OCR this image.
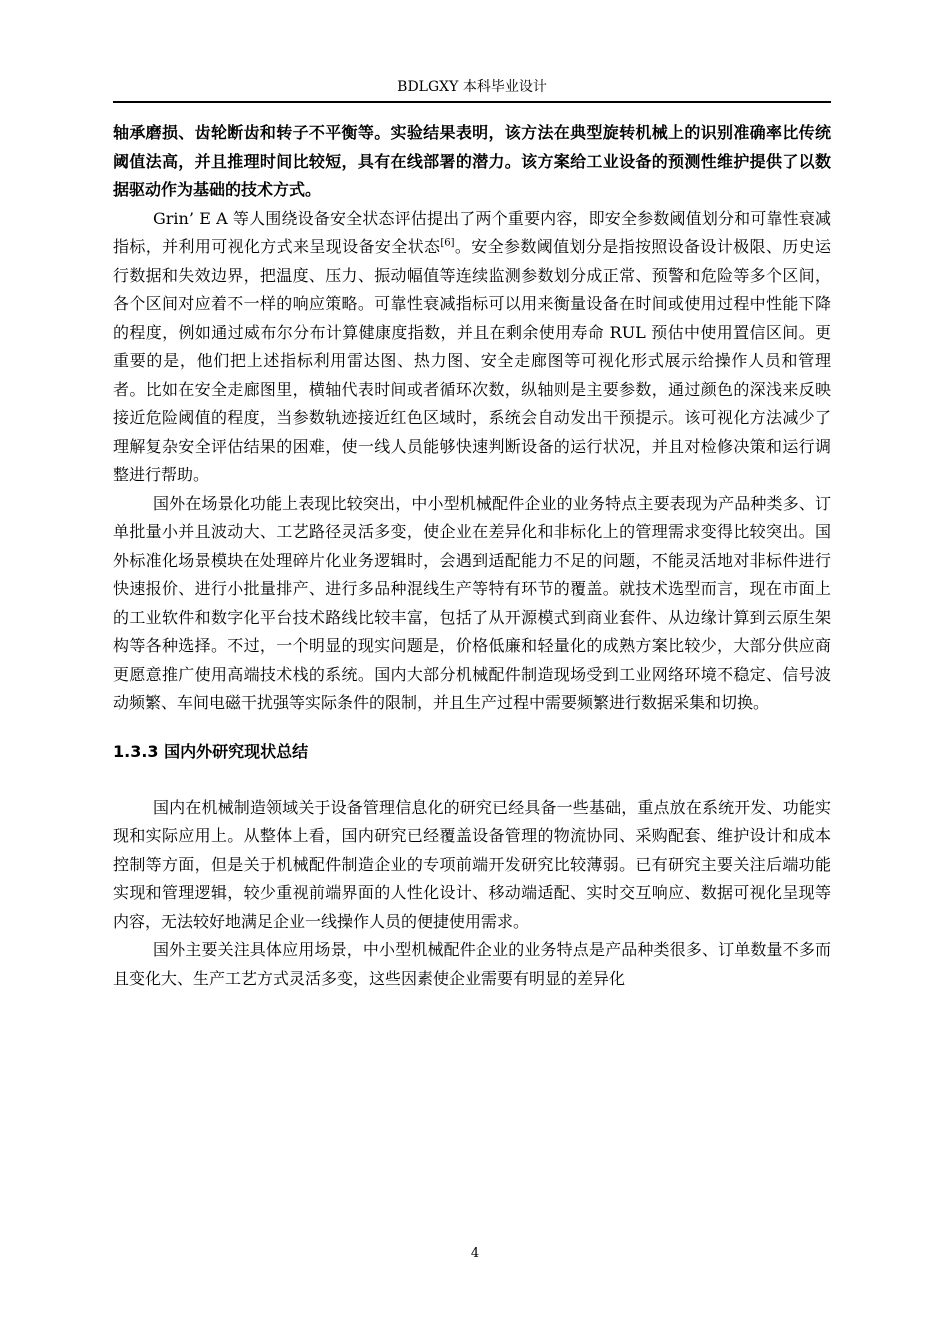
BDLGXY 本科毕业设计

轴承磨损、齿轮断齿和转子不平衡等。实验结果表明，该方法在典型旋转机械上的识别准确率比传统阈值法高，并且推理时间比较短，具有在线部署的潜力。该方案给工业设备的预测性维护提供了以数据驱动作为基础的技术方式。

Grin’ E A 等人围绕设备安全状态评估提出了两个重要内容，即安全参数阈值划分和可靠性衰减指标，并利用可视化方式来呈现设备安全状态[6]。安全参数阈值划分是指按照设备设计极限、历史运行数据和失效边界，把温度、压力、振动幅值等连续监测参数划分成正常、预警和危险等多个区间，各个区间对应着不一样的响应策略。可靠性衰减指标可以用来衡量设备在时间或使用过程中性能下降的程度，例如通过威布尔分布计算健康度指数，并且在剩余使用寿命 RUL 预估中使用置信区间。更重要的是，他们把上述指标利用雷达图、热力图、安全走廊图等可视化形式展示给操作人员和管理者。比如在安全走廊图里，横轴代表时间或者循环次数，纵轴则是主要参数，通过颜色的深浅来反映接近危险阈值的程度，当参数轨迹接近红色区域时，系统会自动发出干预提示。该可视化方法减少了理解复杂安全评估结果的困难，使一线人员能够快速判断设备的运行状况，并且对检修决策和运行调整进行帮助。

国外在场景化功能上表现比较突出，中小型机械配件企业的业务特点主要表现为产品种类多、订单批量小并且波动大、工艺路径灵活多变，使企业在差异化和非标化上的管理需求变得比较突出。国外标准化场景模块在处理碎片化业务逻辑时，会遇到适配能力不足的问题，不能灵活地对非标件进行快速报价、进行小批量排产、进行多品种混线生产等特有环节的覆盖。就技术选型而言，现在市面上的工业软件和数字化平台技术路线比较丰富，包括了从开源模式到商业套件、从边缘计算到云原生架构等各种选择。不过，一个明显的现实问题是，价格低廉和轻量化的成熟方案比较少，大部分供应商更愿意推广使用高端技术栈的系统。国内大部分机械配件制造现场受到工业网络环境不稳定、信号波动频繁、车间电磁干扰强等实际条件的限制，并且生产过程中需要频繁进行数据采集和切换。

1.3.3 国内外研究现状总结

国内在机械制造领域关于设备管理信息化的研究已经具备一些基础，重点放在系统开发、功能实现和实际应用上。从整体上看，国内研究已经覆盖设备管理的物流协同、采购配套、维护设计和成本控制等方面，但是关于机械配件制造企业的专项前端开发研究比较薄弱。已有研究主要关注后端功能实现和管理逻辑，较少重视前端界面的人性化设计、移动端适配、实时交互响应、数据可视化呈现等内容，无法较好地满足企业一线操作人员的便捷使用需求。

国外主要关注具体应用场景，中小型机械配件企业的业务特点是产品种类很多、订单数量不多而且变化大、生产工艺方式灵活多变，这些因素使企业需要有明显的差异化

4
